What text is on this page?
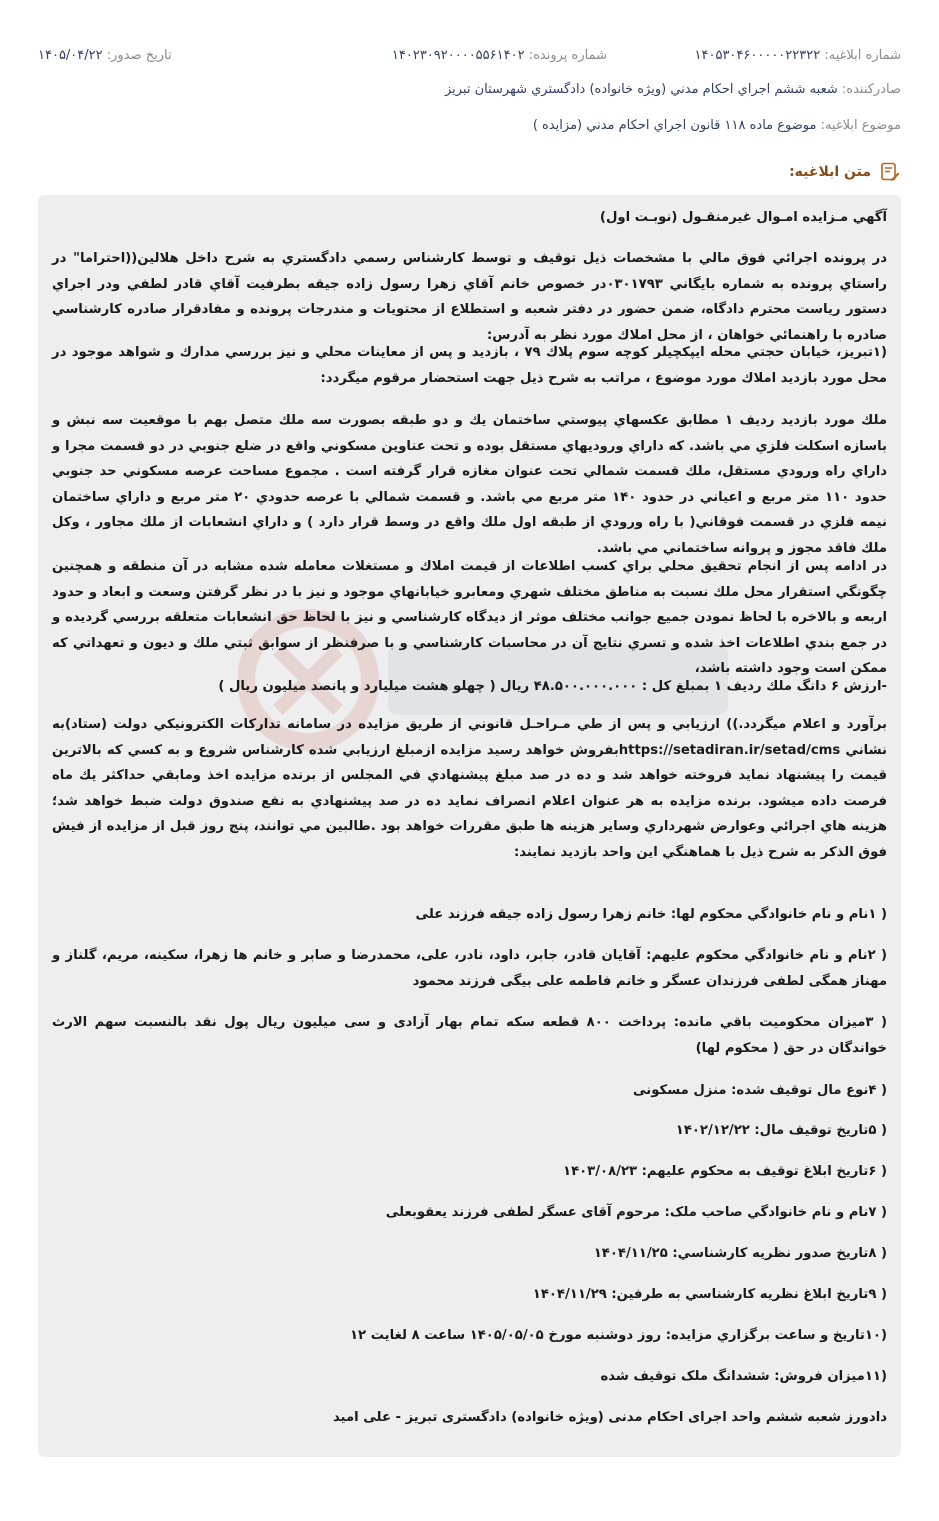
شماره ابلاغيه: ۱۴۰۵۳۰۴۶۰۰۰۰۰۲۲۳۲۲
شماره پرونده: ۱۴۰۲۳۰۹۲۰۰۰۰۵۵۶۱۴۰۲
تاريخ صدور: ۱۴۰۵/۰۴/۲۲
صادرکننده: شعبه ششم اجراي احكام مدني (ويژه خانواده) دادگستري شهرستان تبريز
موضوع ابلاغيه: موضوع ماده ۱۱۸ قانون اجراي احكام مدني (مزايده )
متن ابلاغيه:

آگهي مـزايده امـوال غيرمنقـول (نوبـت اول)

در پرونده اجرائي فوق مالي با مشخصات ذيل توقيف و توسط كارشناس رسمي دادگستري به شرح داخل هلالين((احتراما" در راستاي پرونده به شماره بايگاني ۰۳۰۱۷۹۳در خصوص خانم آقاي زهرا رسول زاده جيقه بطرفيت آقاي قادر لطفي ودر اجراي دستور رياست محترم دادگاه، ضمن حضور در دفتر شعبه و استطلاع از محتويات و مندرجات پرونده و مفادقرار صادره كارشناسي صادره با راهنمائي خواهان ، از محل املاك مورد نظر به آدرس:

(۱تبريز، خيابان حجتي محله ايپكچيلر كوچه سوم پلاك ۷۹ ، بازديد و پس از معاينات محلي و نيز بررسي مدارك و شواهد موجود در محل مورد بازديد املاك مورد موضوع ، مراتب به شرح ذيل جهت استحضار مرقوم ميگردد:

ملك مورد بازديد رديف ۱ مطابق عكسهاي پيوستي ساختمان يك و دو طبقه بصورت سه ملك متصل بهم با موقعيت سه نبش و باسازه اسكلت فلزي مي باشد. كه داراي وروديهاي مستقل بوده و تحت عناوين مسكوني واقع در ضلع جنوبي در دو قسمت مجرا و داراي راه ورودي مستقل، ملك قسمت شمالي تحت عنوان مغازه قرار گرفته است . مجموع مساحت عرصه مسكوني حد جنوبي حدود ۱۱۰ متر مربع و اعياني در حدود ۱۴۰ متر مربع مي باشد. و قسمت شمالي با عرصه حدودي ۲۰ متر مربع و داراي ساختمان نيمه فلزي در قسمت فوقاني( با راه ورودي از طبقه اول ملك واقع در وسط قرار دارد ) و داراي انشعابات از ملك مجاور ، وكل ملك فاقد مجوز و پروانه ساختماني مي باشد.

در ادامه پس از انجام تحقيق محلي براي كسب اطلاعات از قيمت املاك و مستغلات معامله شده مشابه در آن منطقه و همچنين چگونگي استقرار محل ملك نسبت به مناطق مختلف شهري ومعابرو خيابانهاي موجود و نيز با در نظر گرفتن وسعت و ابعاد و حدود اربعه و بالاخره با لحاظ نمودن جميع جوانب مختلف موثر از ديدگاه كارشناسي و نيز با لحاظ حق انشعابات متعلقه بررسي گرديده و در جمع بندي اطلاعات اخذ شده و تسري نتايج آن در محاسبات كارشناسي و با صرفنظر از سوابق ثبتي ملك و ديون و تعهداتي كه ممكن است وجود داشته باشد،

-ارزش ۶ دانگ ملك رديف ۱ بمبلغ كل : ۴۸.۵۰۰.۰۰۰.۰۰۰ ريال ( چهلو هشت ميليارد و پانصد ميليون ريال )

برآورد و اعلام ميگردد.)) ارزيابي و پس از طي مـراحـل قانوني از طريق مزايده در سامانه تداركات الكترونيكي دولت (ستاد)به نشاني https://setadiran.ir/setad/cmsبفروش خواهد رسيد مزايده ازمبلغ ارزيابي شده كارشناس شروع و به كسي كه بالاترين قيمت را پيشنهاد نمايد فروخته خواهد شد و ده در صد مبلغ پيشنهادي في المجلس از برنده مزايده اخذ ومابقي حداكثر يك ماه فرصت داده ميشود. برنده مزايده به هر عنوان اعلام انصراف نمايد ده در صد پيشنهادي به نفع صندوق دولت ضبط خواهد شد؛ هزينه هاي اجرائي وعوارض شهرداري وساير هزينه ها طبق مقررات خواهد بود .طالبين مي توانند، پنج روز قبل از مزايده از فيش فوق الذكر به شرح ذيل با هماهنگي اين واحد بازديد نمايند:

( ۱نام و نام خانوادگي محکوم لها: خانم زهرا رسول زاده جيقه فرزند علی

( ۲نام و نام خانوادگي محکوم عليهم: آقايان قادر، جابر، داود، نادر، علی، محمدرضا و صابر و خانم ها زهرا، سکينه، مريم، گلناز و مهناز همگی لطفی فرزندان عسگر و خانم فاطمه علی بيگی فرزند محمود

( ۳ميزان محکوميت باقي مانده: پرداخت ۸۰۰ قطعه سکه تمام بهار آزادی و سی ميليون ريال پول نقد بالنسبت سهم الارث خواندگان در حق ( محکوم لها)

( ۴نوع مال توقيف شده: منزل مسکونی

( ۵تاريخ توقيف مال: ۱۴۰۲/۱۲/۲۲

( ۶تاريخ ابلاغ توقيف به محکوم عليهم: ۱۴۰۳/۰۸/۲۳

( ۷نام و نام خانوادگي صاحب ملک: مرحوم آقای عسگر لطفی فرزند يعقوبعلی

( ۸تاريخ صدور نظريه کارشناسي: ۱۴۰۴/۱۱/۲۵

( ۹تاريخ ابلاغ نظريه کارشناسي به طرفين: ۱۴۰۴/۱۱/۲۹

(۱۰تاريخ و ساعت برگزاري مزايده: روز دوشنبه مورخ ۱۴۰۵/۰۵/۰۵ ساعت ۸ لغايت ۱۲

(۱۱ميزان فروش: ششدانگ ملک توقيف شده

دادورز شعبه ششم واحد اجرای احکام مدنی (ويژه خانواده) دادگستری تبريز - علی اميد
